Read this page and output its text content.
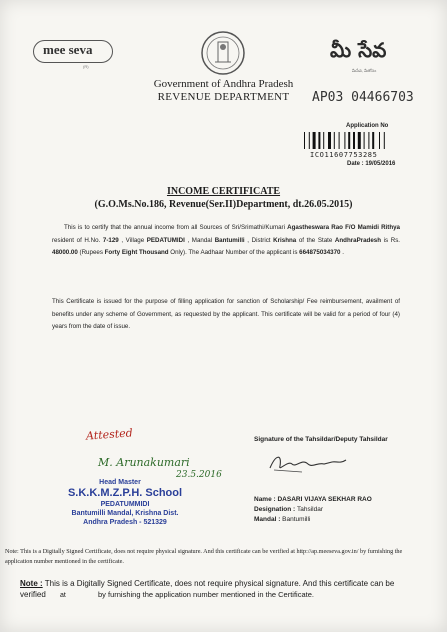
mee seva
(R)
మీ సేవ
మీసేవ, మీకోసం
Government of Andhra Pradesh
REVENUE DEPARTMENT	AP03 04466703
Application No
ICO11607753285
Date : 19/05/2016
INCOME CERTIFICATE
(G.O.Ms.No.186, Revenue(Ser.II)Department, dt.26.05.2015)
This is to certify that the annual income from all Sources of Sri/Srimathi/Kumari Agastheswara Rao F/O Mamidi Rithya resident of H.No. 7-129 , Village PEDATUMIDI , Mandal Bantumilli , District Krishna of the State AndhraPradesh is Rs. 48000.00 (Rupees Forty Eight Thousand Only). The Aadhaar Number of the applicant is 664875034370 .
This Certificate is issued for the purpose of filling application for sanction of Scholarship/ Fee reimbursement, availment of benefits under any scheme of Government, as requested by the applicant. This certificate will be valid for a period of four (4) years from the date of issue.
Attested
M. Arunakumari
23.5.2016
Head Master
S.K.K.M.Z.P.H. School
PEDATUMMIDI
Bantumilli Mandal, Krishna Dist.
Andhra Pradesh - 521329
Signature of the Tahsildar/Deputy Tahsildar
Name : DASARI VIJAYA SEKHAR RAO
Designation : Tahsildar
Mandal : Bantumilli
Note: This is a Digitally Signed Certificate, does not require physical signature. And this certificate can be verified at http://ap.meeseva.gov.in/ by furnishing the application number mentioned in the certificate.
Note : This is a Digitally Signed Certificate, does not require physical signature. And this certificate can be verified at	by furnishing the application number mentioned in the Certificate.
